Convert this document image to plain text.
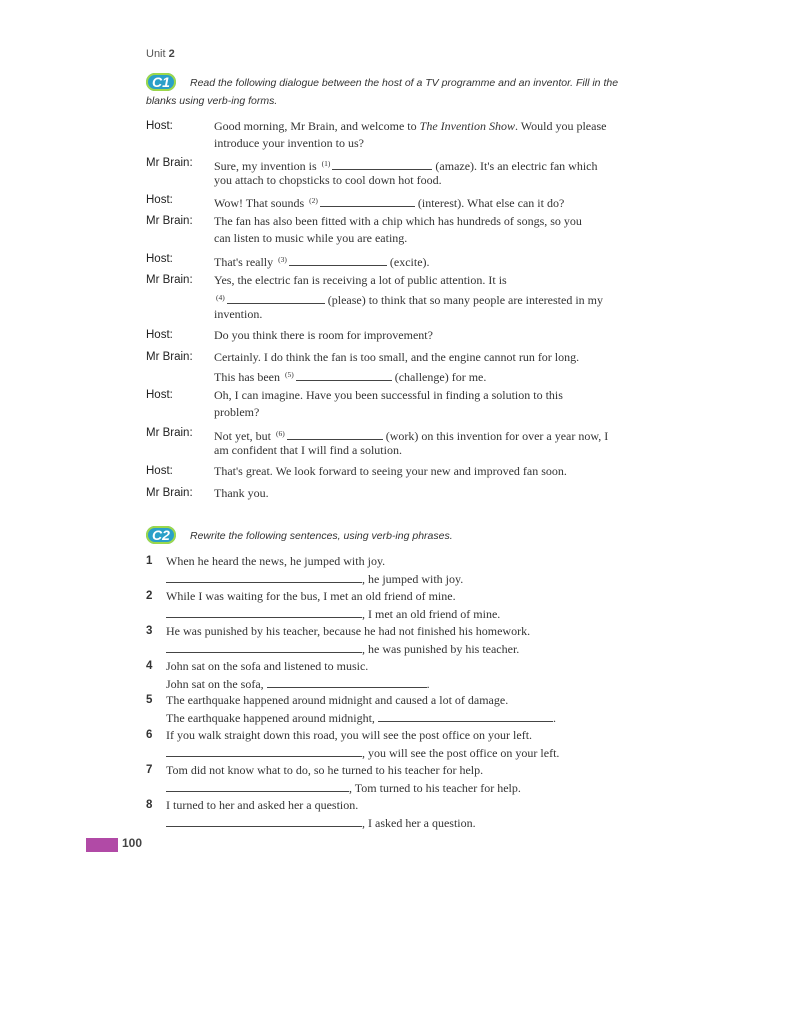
Unit 2
C1	Read the following dialogue between the host of a TV programme and an inventor. Fill in the
blanks using verb-ing forms.
Host:	Good morning, Mr Brain, and welcome to The Invention Show. Would you please
introduce your invention to us?
Mr Brain: Sure, my invention is $^{(1)}$	(amaze). It's an electric fan which
you attach to chopsticks to cool down hot food.
Host:	Wow! That sounds $^{(2)}$	(interest). What else can it do?
Mr Brain: The fan has also been fitted with a chip which has hundreds of songs, so you
can listen to music while you are eating.
Host:	That's really $^{(3)}$	(excite).
Mr Brain: Yes, the electric fan is receiving a lot of public attention. It is
$^{(4)}$	(please) to think that so many people are interested in my
invention.
Host:	Do you think there is room for improvement?
Mr Brain: Certainly. I do think the fan is too small, and the engine cannot run for long.
This has been $^{(5)}$	(challenge) for me.
Host:	Oh, I can imagine. Have you been successful in finding a solution to this
problem?
Mr Brain: Not yet, but $^{(6)}$	(work) on this invention for over a year now, I
am confident that I will find a solution.
Host:	That's great. We look forward to seeing your new and improved fan soon.
Mr Brain: Thank you.
C2	Rewrite the following sentences, using verb-ing phrases.
1 When he heard the news, he jumped with joy.
, he jumped with joy.
2 While I was waiting for the bus, I met an old friend of mine.
, I met an old friend of mine.
3 He was punished by his teacher, because he had not finished his homework.
, he was punished by his teacher.
4 John sat on the sofa and listened to music.
John sat on the sofa,	.
5 The earthquake happened around midnight and caused a lot of damage.
The earthquake happened around midnight,	.
6 If you walk straight down this road, you will see the post office on your left.
, you will see the post office on your left.
7 Tom did not know what to do, so he turned to his teacher for help.
, Tom turned to his teacher for help.
8 I turned to her and asked her a question.
, I asked her a question.
100
